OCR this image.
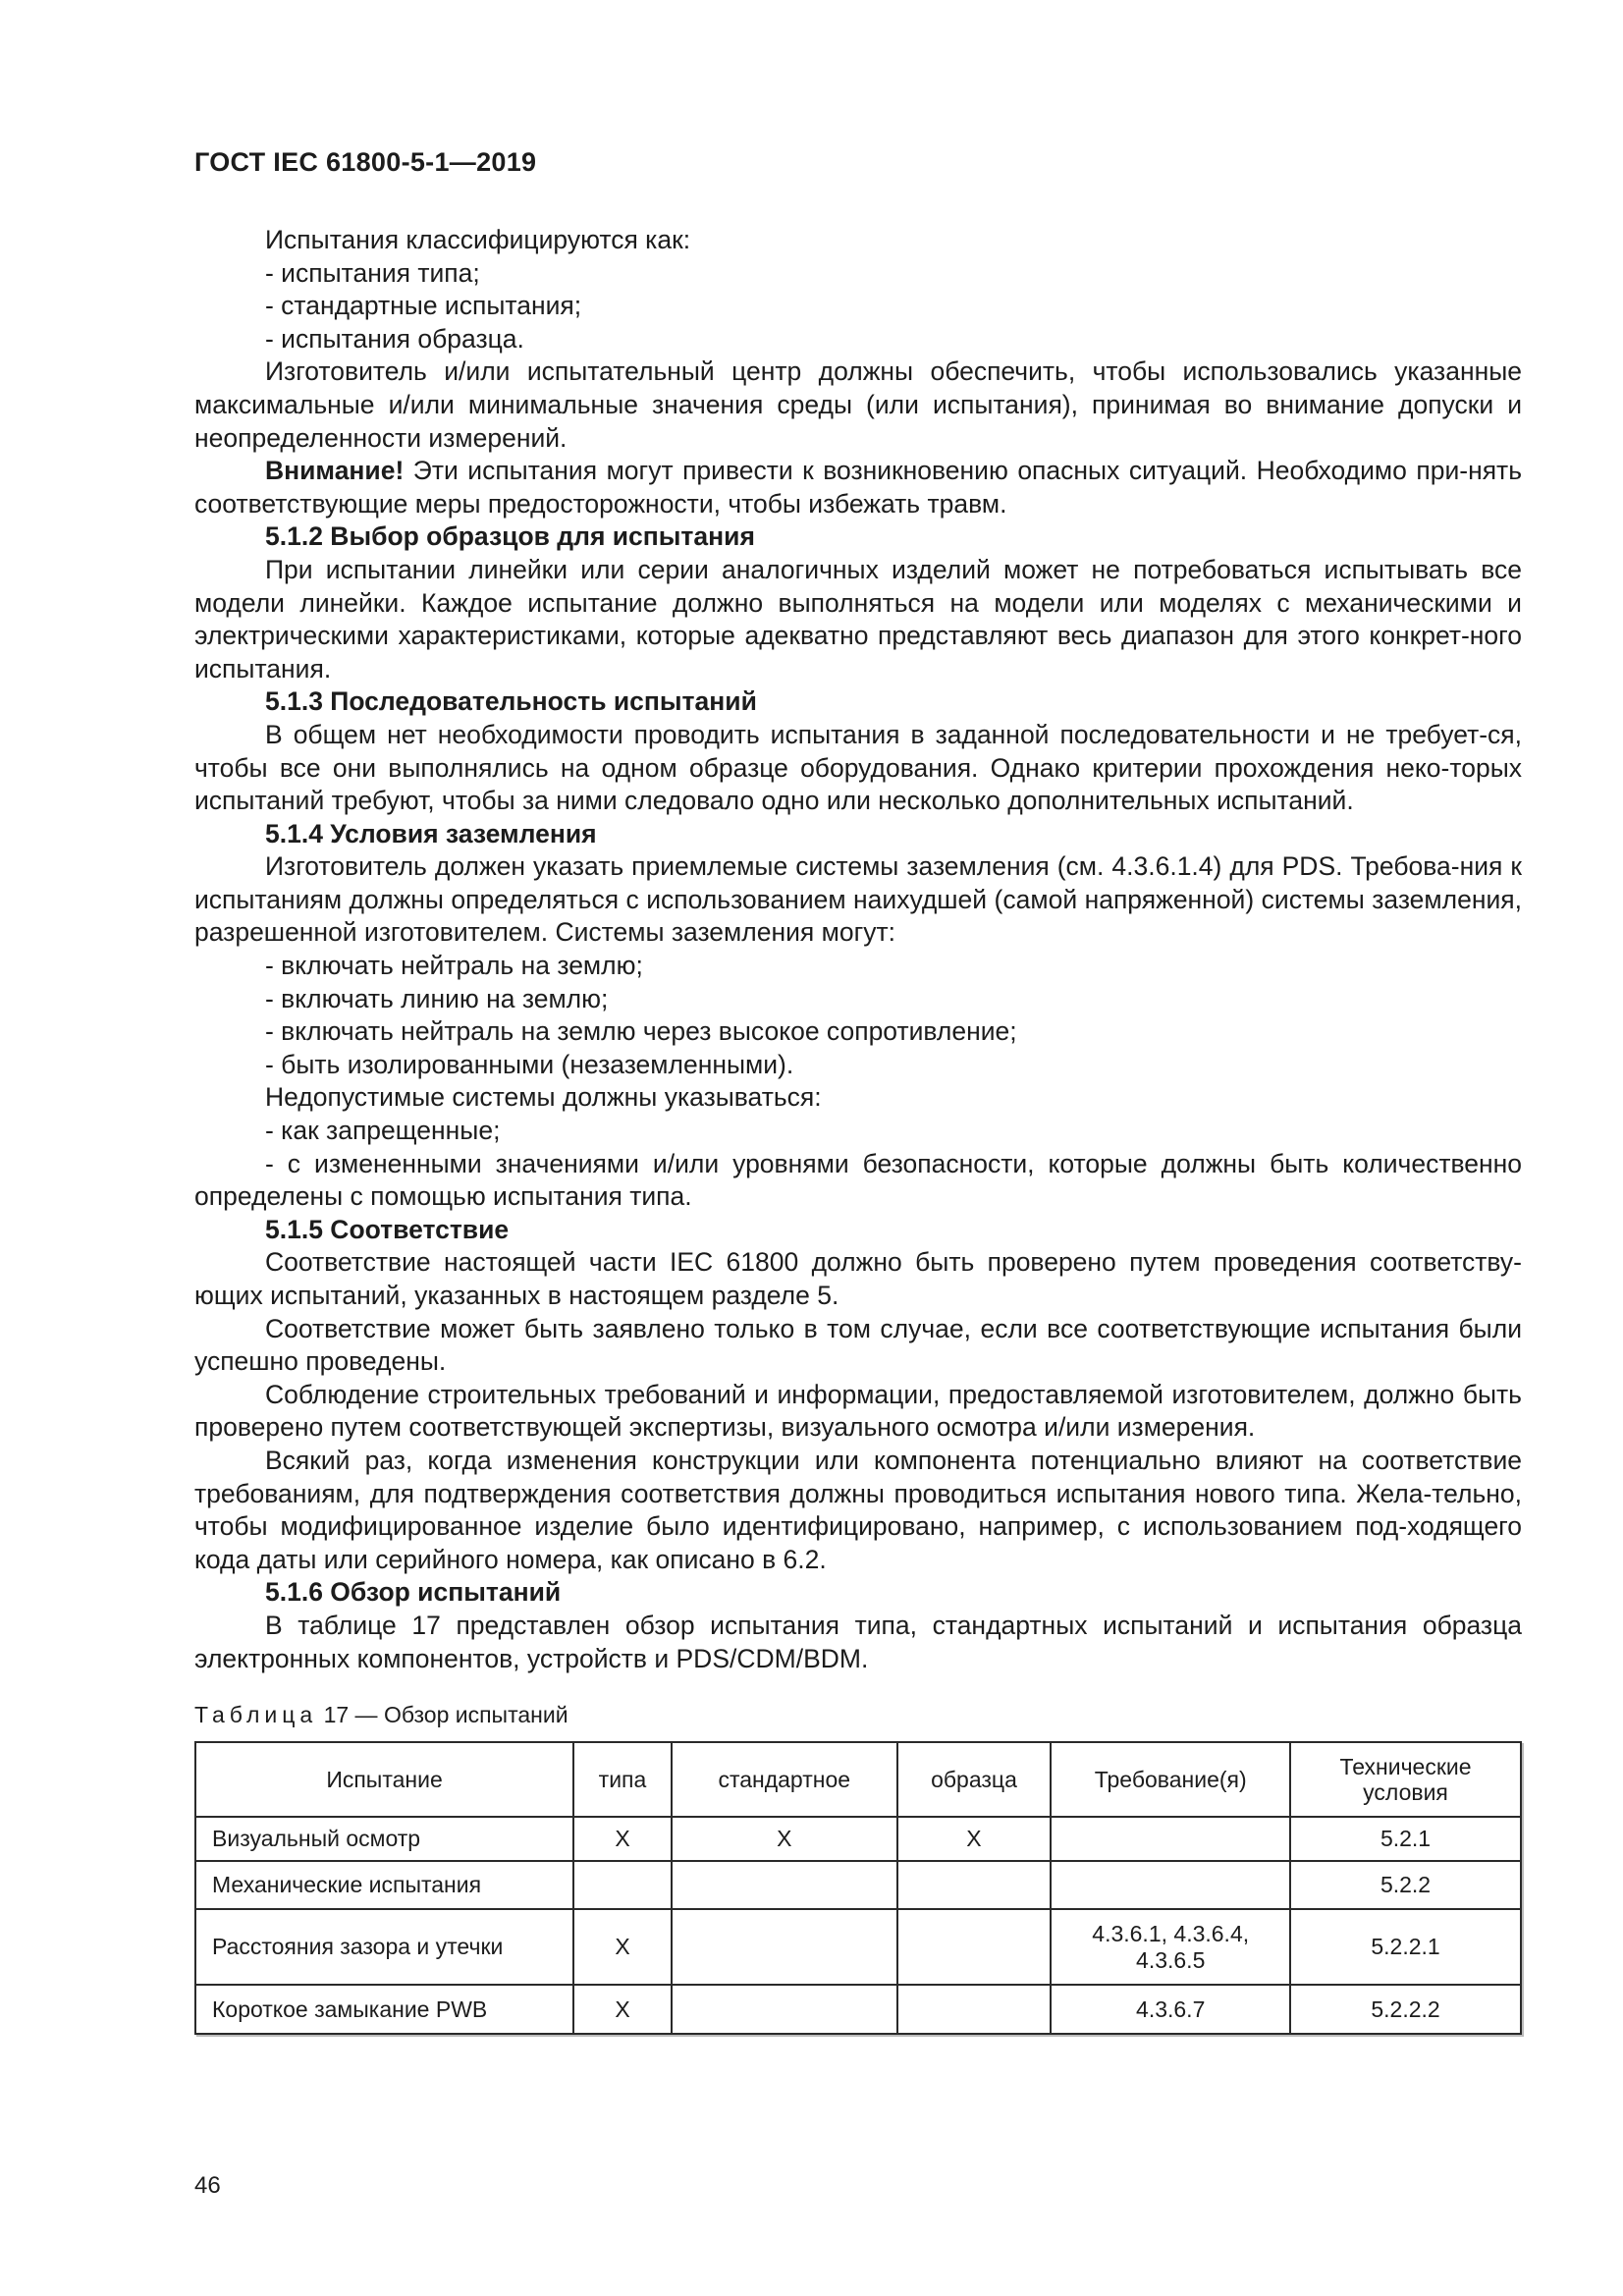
ГОСТ IEC 61800-5-1—2019

Испытания классифицируются как:

- испытания типа;

- стандартные испытания;

- испытания образца.

Изготовитель и/или испытательный центр должны обеспечить, чтобы использовались указанные максимальные и/или минимальные значения среды (или испытания), принимая во внимание допуски и неопределенности измерений.

Внимание! Эти испытания могут привести к возникновению опасных ситуаций. Необходимо при-нять соответствующие меры предосторожности, чтобы избежать травм.

5.1.2 Выбор образцов для испытания

При испытании линейки или серии аналогичных изделий может не потребоваться испытывать все модели линейки. Каждое испытание должно выполняться на модели или моделях с механическими и электрическими характеристиками, которые адекватно представляют весь диапазон для этого конкрет-ного испытания.

5.1.3 Последовательность испытаний

В общем нет необходимости проводить испытания в заданной последовательности и не требует-ся, чтобы все они выполнялись на одном образце оборудования. Однако критерии прохождения неко-торых испытаний требуют, чтобы за ними следовало одно или несколько дополнительных испытаний.

5.1.4 Условия заземления

Изготовитель должен указать приемлемые системы заземления (см. 4.3.6.1.4) для PDS. Требова-ния к испытаниям должны определяться с использованием наихудшей (самой напряженной) системы заземления, разрешенной изготовителем. Системы заземления могут:

- включать нейтраль на землю;

- включать линию на землю;

- включать нейтраль на землю через высокое сопротивление;

- быть изолированными (незаземленными).

Недопустимые системы должны указываться:

- как запрещенные;

- с измененными значениями и/или уровнями безопасности, которые должны быть количественно определены с помощью испытания типа.

5.1.5 Соответствие

Соответствие настоящей части IEC 61800 должно быть проверено путем проведения соответству-ющих испытаний, указанных в настоящем разделе 5.

Соответствие может быть заявлено только в том случае, если все соответствующие испытания были успешно проведены.

Соблюдение строительных требований и информации, предоставляемой изготовителем, должно быть проверено путем соответствующей экспертизы, визуального осмотра и/или измерения.

Всякий раз, когда изменения конструкции или компонента потенциально влияют на соответствие требованиям, для подтверждения соответствия должны проводиться испытания нового типа. Жела-тельно, чтобы модифицированное изделие было идентифицировано, например, с использованием под-ходящего кода даты или серийного номера, как описано в 6.2.

5.1.6 Обзор испытаний

В таблице 17 представлен обзор испытания типа, стандартных испытаний и испытания образца электронных компонентов, устройств и PDS/CDM/BDM.

Таблица 17 — Обзор испытаний
Испытание	типа	стандартное	образца	Требование(я)	Технические условия
Визуальный осмотр	X	X	X		5.2.1
Механические испытания					5.2.2
Расстояния зазора и утечки	X			4.3.6.1, 4.3.6.4, 4.3.6.5	5.2.2.1
Короткое замыкание PWB	X			4.3.6.7	5.2.2.2
46
